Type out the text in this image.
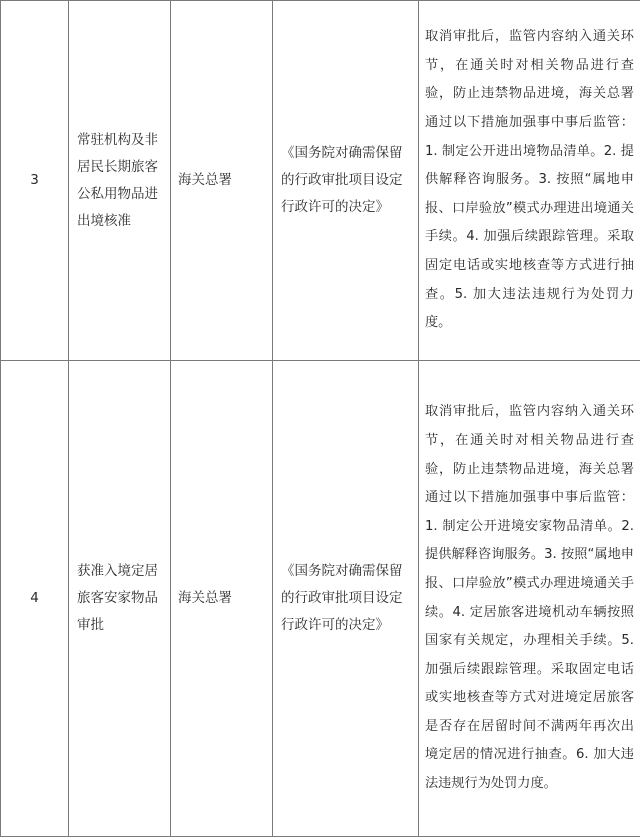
3	常驻机构及非居民长期旅客公私用物品进出境核准	海关总署	《国务院对确需保留的行政审批项目设定行政许可的决定》	取消审批后，监管内容纳入通关环节，在通关时对相关物品进行查验，防止违禁物品进境，海关总署通过以下措施加强事中事后监管：1. 制定公开进出境物品清单。2. 提供解释咨询服务。3. 按照“属地申报、口岸验放”模式办理进出境通关手续。4. 加强后续跟踪管理。采取固定电话或实地核查等方式进行抽查。5. 加大违法违规行为处罚力度。

4	获准入境定居旅客安家物品审批	海关总署	《国务院对确需保留的行政审批项目设定行政许可的决定》	取消审批后，监管内容纳入通关环节，在通关时对相关物品进行查验，防止违禁物品进境，海关总署通过以下措施加强事中事后监管：1. 制定公开进境安家物品清单。2. 提供解释咨询服务。3. 按照“属地申报、口岸验放”模式办理进境通关手续。4. 定居旅客进境机动车辆按照国家有关规定，办理相关手续。5. 加强后续跟踪管理。采取固定电话或实地核查等方式对进境定居旅客是否存在居留时间不满两年再次出境定居的情况进行抽查。6. 加大违法违规行为处罚力度。
